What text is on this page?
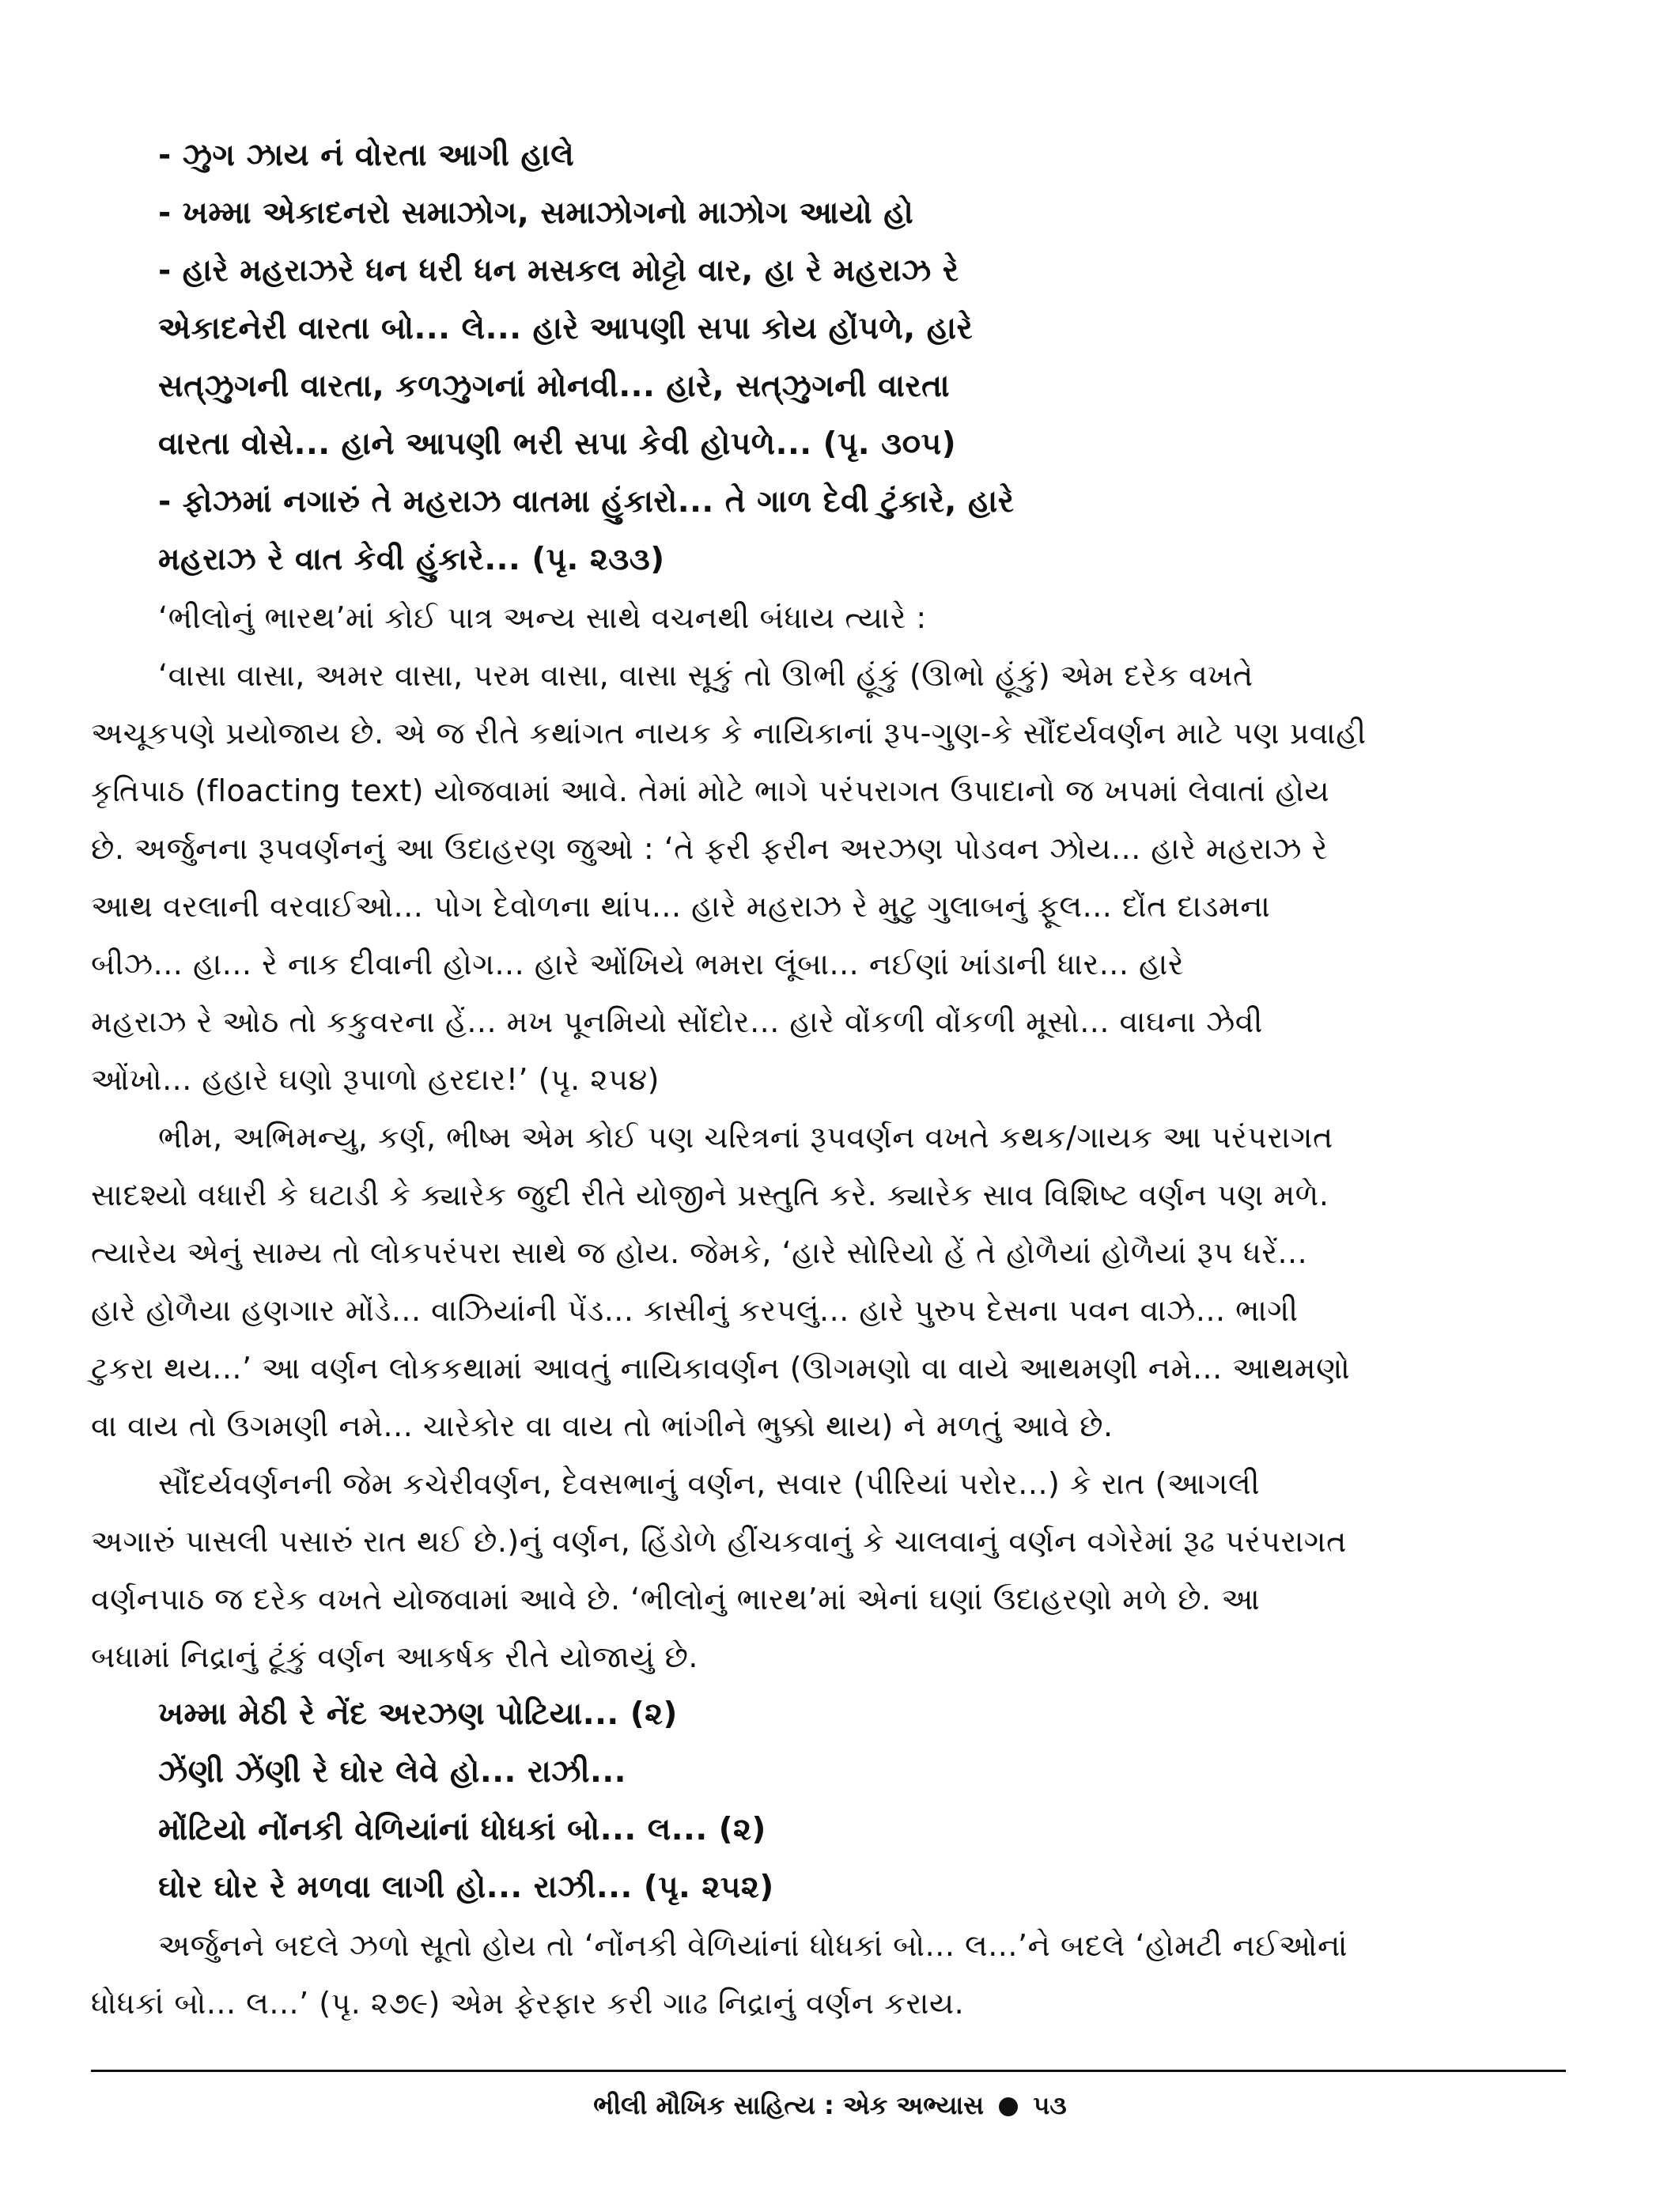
- ઝુગ ઝાય નં વોરતા આગી હાલે
- ખમ્મા એકાદનરો સમાઝોગ, સમાઝોગનો માઝોગ આયો હો
- હારે મહરાઝરે ધન ધરી ધન મસકલ મોટ્ટો વાર, હા રે મહરાઝ રે
એકાદનેરી વારતા બો... લે... હારે આપણી સપા કોય હોંપળે, હારે
સત્‌ઝુગની વારતા, કળઝુગનાં મોનવી... હારે, સત્‌ઝુગની વારતા
વારતા વોસે... હાને આપણી ભરી સપા કેવી હોપળે... (પૃ. ૩૦૫)
- ફોઝમાં નગારું તે મહરાઝ વાતમા હુંકારો... તે ગાળ દેવી ટુંકારે, હારે
મહરાઝ રે વાત કેવી હુંકારે... (પૃ. ૨૩૩)
‘ભીલોનું ભારથ’માં કોઈ પાત્ર અન્ય સાથે વચનથી બંધાય ત્યારે :
‘વાસા વાસા, અમર વાસા, પરમ વાસા, વાસા સૂકું તો ઊભી હૂંકું (ઊભો હૂંકું) એમ દરેક વખતે
અચૂકપણે પ્રયોજાય છે. એ જ રીતે કથાંગત નાયક કે નાયિકાનાં રૂપ-ગુણ-કે સૌંદર્યવર્ણન માટે પણ પ્રવાહી
કૃતિપાઠ (floacting text) યોજવામાં આવે. તેમાં મોટે ભાગે પરંપરાગત ઉપાદાનો જ ખપમાં લેવાતાં હોય
છે. અર્જુનના રૂપવર્ણનનું આ ઉદાહરણ જુઓ : ‘તે ફરી ફરીન અરઝણ પોડવન ઝોય... હારે મહરાઝ રે
આથ વરલાની વરવાઈઓ... પોગ દેવોળના થાંપ... હારે મહરાઝ રે મુટુ ગુલાબનું ફૂલ... દોંત દાડમના
બીઝ... હા... રે નાક દીવાની હોગ... હારે ઓંખિયે ભમરા લૂંબા... નઈણાં ખાંડાની ધાર... હારે
મહરાઝ રે ઓઠ તો કકુવરના હેં... મખ પૂનમિયો સોંદોર... હારે વોંકળી વોંકળી મૂસો... વાઘના ઝેવી
ઓંખો... હહારે ઘણો રૂપાળો હરદાર!’ (પૃ. ૨૫૪)
ભીમ, અભિમન્યુ, કર્ણ, ભીષ્મ એમ કોઈ પણ ચરિત્રનાં રૂપવર્ણન વખતે કથક/ગાયક આ પરંપરાગત
સાદશ્યો વધારી કે ઘટાડી કે ક્યારેક જુદી રીતે યોજીને પ્રસ્તુતિ કરે. ક્યારેક સાવ વિશિષ્ટ વર્ણન પણ મળે.
ત્યારેય એનું સામ્ય તો લોકપરંપરા સાથે જ હોય. જેમકે, ‘હારે સોરિયો હેં તે હોળૈયાં હોળૈયાં રૂપ ધરેં...
હારે હોળૈયા હણગાર મોંડે... વાઝિયાંની પેંડ... કાસીનું કરપલું... હારે પુરુપ દેસના પવન વાઝે... ભાગી
ટુકરા થય...’ આ વર્ણન લોકકથામાં આવતું નાયિકાવર્ણન (ઊગમણો વા વાયે આથમણી નમે... આથમણો
વા વાય તો ઉગમણી નમે... ચારેકોર વા વાય તો ભાંગીને ભુક્કો થાય) ને મળતું આવે છે.
સૌંદર્યવર્ણનની જેમ કચેરીવર્ણન, દેવસભાનું વર્ણન, સવાર (પીરિયાં પરોર...) કે રાત (આગલી
અગારું પાસલી પસારું રાત થઈ છે.)નું વર્ણન, હિંડોળે હીંચકવાનું કે ચાલવાનું વર્ણન વગેરેમાં રૂઢ પરંપરાગત
વર્ણનપાઠ જ દરેક વખતે યોજવામાં આવે છે. ‘ભીલોનું ભારથ’માં એનાં ઘણાં ઉદાહરણો મળે છે. આ
બધામાં નિદ્રાનું ટૂંકું વર્ણન આકર્ષક રીતે યોજાયું છે.
ખમ્મા મેઠી રે નેંદ અરઝણ પોટિયા... (૨)
ઝેંણી ઝેંણી રે ઘોર લેવે હો... રાઝી...
મોંટિયો નોંનકી વેળિયાંનાં ધોધકાં બો... લ... (૨)
ઘોર ઘોર રે મળવા લાગી હો... રાઝી... (પૃ. ૨૫૨)
અર્જુનને બદલે ઝળો સૂતો હોય તો ‘નોંનકી વેળિયાંનાં ધોધકાં બો... લ...’ને બદલે ‘હોમટી નઈઓનાં
ધોધકાં બો... લ...’ (પૃ. ૨૭૯) એમ ફેરફાર કરી ગાઢ નિદ્રાનું વર્ણન કરાય.
ભીલી મૌખિક સાહિત્ય : એક અભ્યાસ ૫૩
